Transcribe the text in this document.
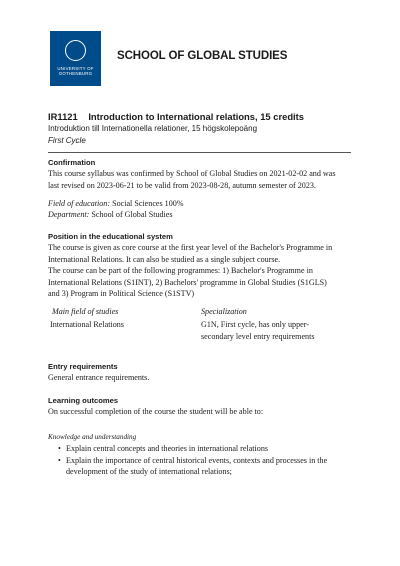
UNIVERSITY OF
GOTHENBURG
SCHOOL OF GLOBAL STUDIES
IR1121 Introduction to International relations, 15 credits
Introduktion till Internationella relationer, 15 högskolepoäng
First Cycle
Confirmation
This course syllabus was confirmed by School of Global Studies on 2021-02-02 and was
last revised on 2023-06-21 to be valid from 2023-08-28, autumn semester of 2023.
Field of education: Social Sciences 100%
Department: School of Global Studies
Position in the educational system
The course is given as core course at the first year level of the Bachelor's Programme in
International Relations. It can also be studied as a single subject course.
The course can be part of the following programmes: 1) Bachelor's Programme in
International Relations (S1INT), 2) Bachelors' programme in Global Studies (S1GLS)
and 3) Program in Political Science (S1STV)
Main field of studies	Specialization
International Relations	G1N, First cycle, has only upper-
secondary level entry requirements
Entry requirements
General entrance requirements.
Learning outcomes
On successful completion of the course the student will be able to:
Knowledge and understanding
• Explain central concepts and theories in international relations
• Explain the importance of central historical events, contexts and processes in the
development of the study of international relations;
